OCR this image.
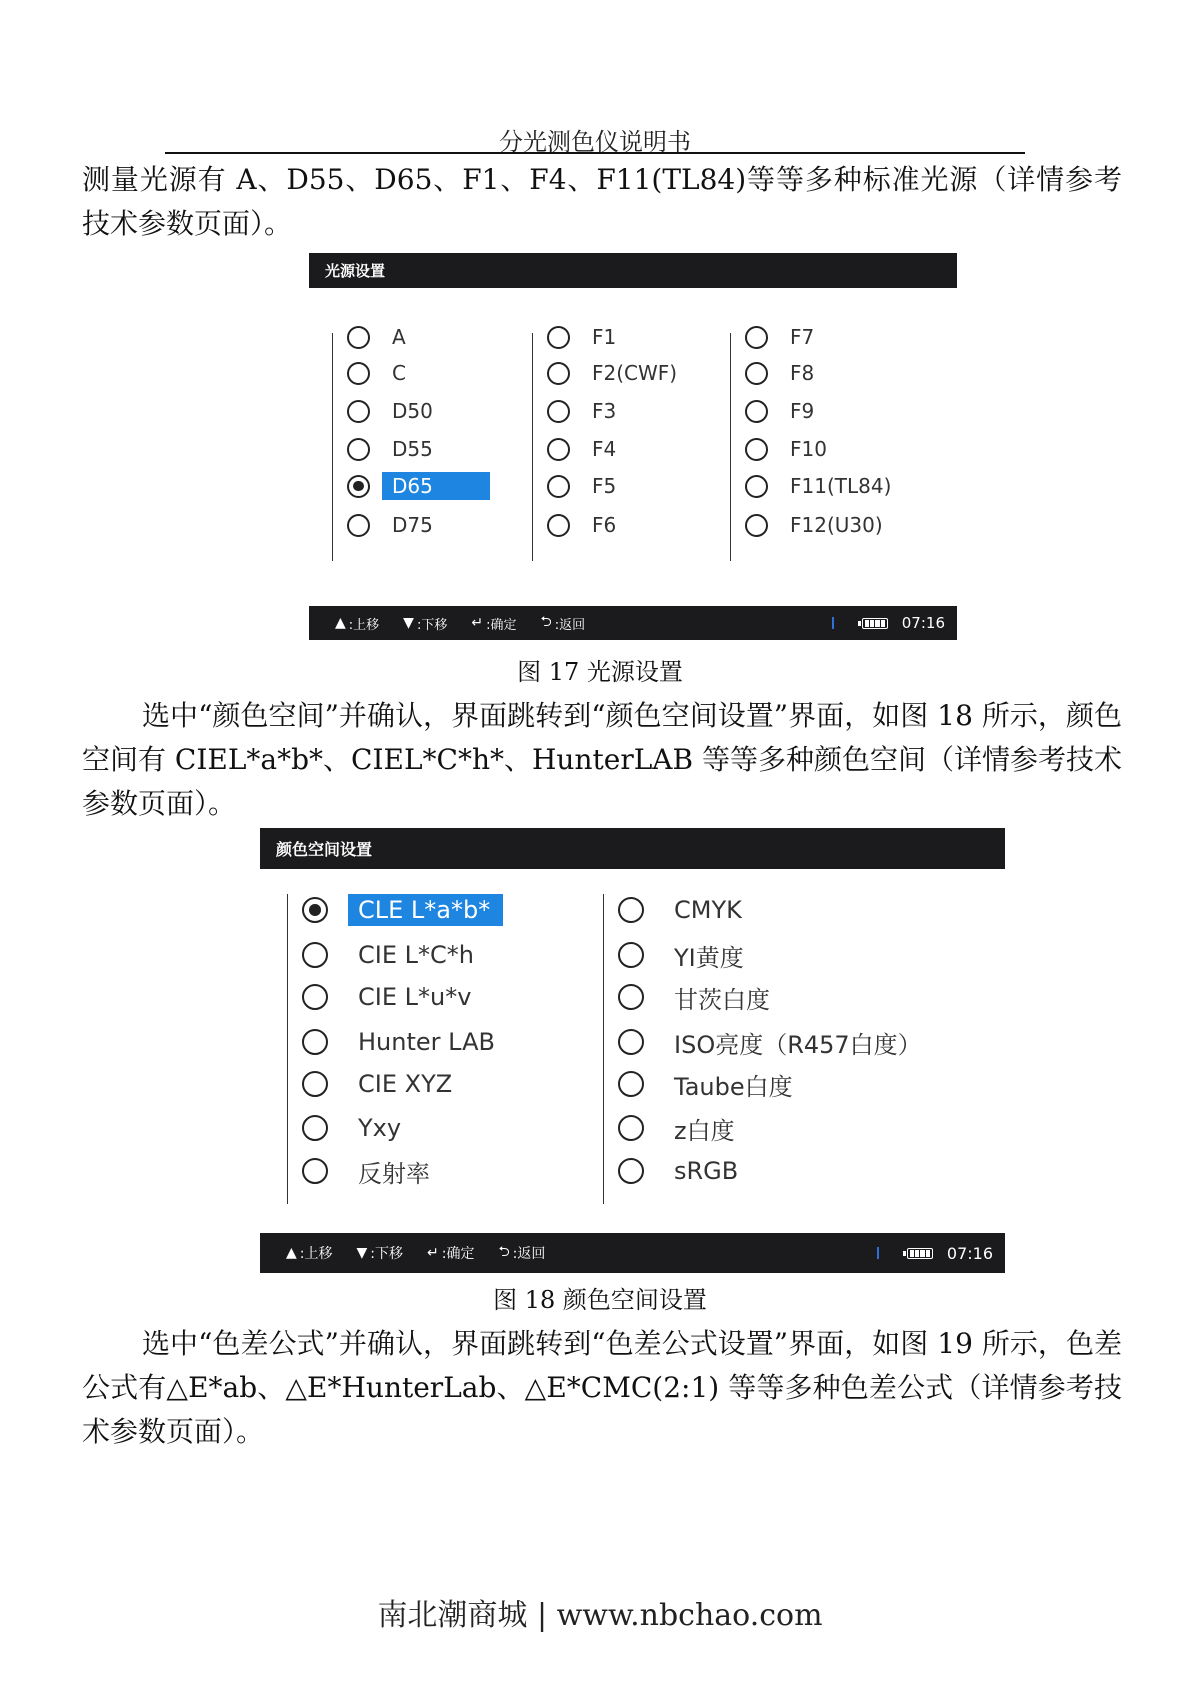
分光测色仪说明书

测量光源有 A、D55、D65、F1、F4、F11(TL84)等等多种标准光源（详情参考技术参数页面）。

光源设置
A
C
D50
D55
D65
D75
F1
F2(CWF)
F3
F4
F5
F6
F7
F8
F9
F10
F11(TL84)
F12(U30)
▲ :上移 ▼ :下移 ↵ :确定 ⮌ :返回	07:16
图 17 光源设置

选中“颜色空间”并确认，界面跳转到“颜色空间设置”界面，如图 18 所示，颜色空间有 CIEL*a*b*、CIEL*C*h*、HunterLAB 等等多种颜色空间（详情参考技术参数页面）。

颜色空间设置
CLE L*a*b*
CIE L*C*h
CIE L*u*v
Hunter LAB
CIE XYZ
Yxy
反射率
CMYK
YI黄度
甘茨白度
ISO亮度（R457白度）
Taube白度
z白度
sRGB
▲ :上移 ▼ :下移 ↵ :确定 ⮌ :返回	07:16
图 18 颜色空间设置

选中“色差公式”并确认，界面跳转到“色差公式设置”界面，如图 19 所示，色差公式有△E*ab、△E*HunterLab、△E*CMC(2:1) 等等多种色差公式（详情参考技术参数页面）。

南北潮商城 | www.nbchao.com
